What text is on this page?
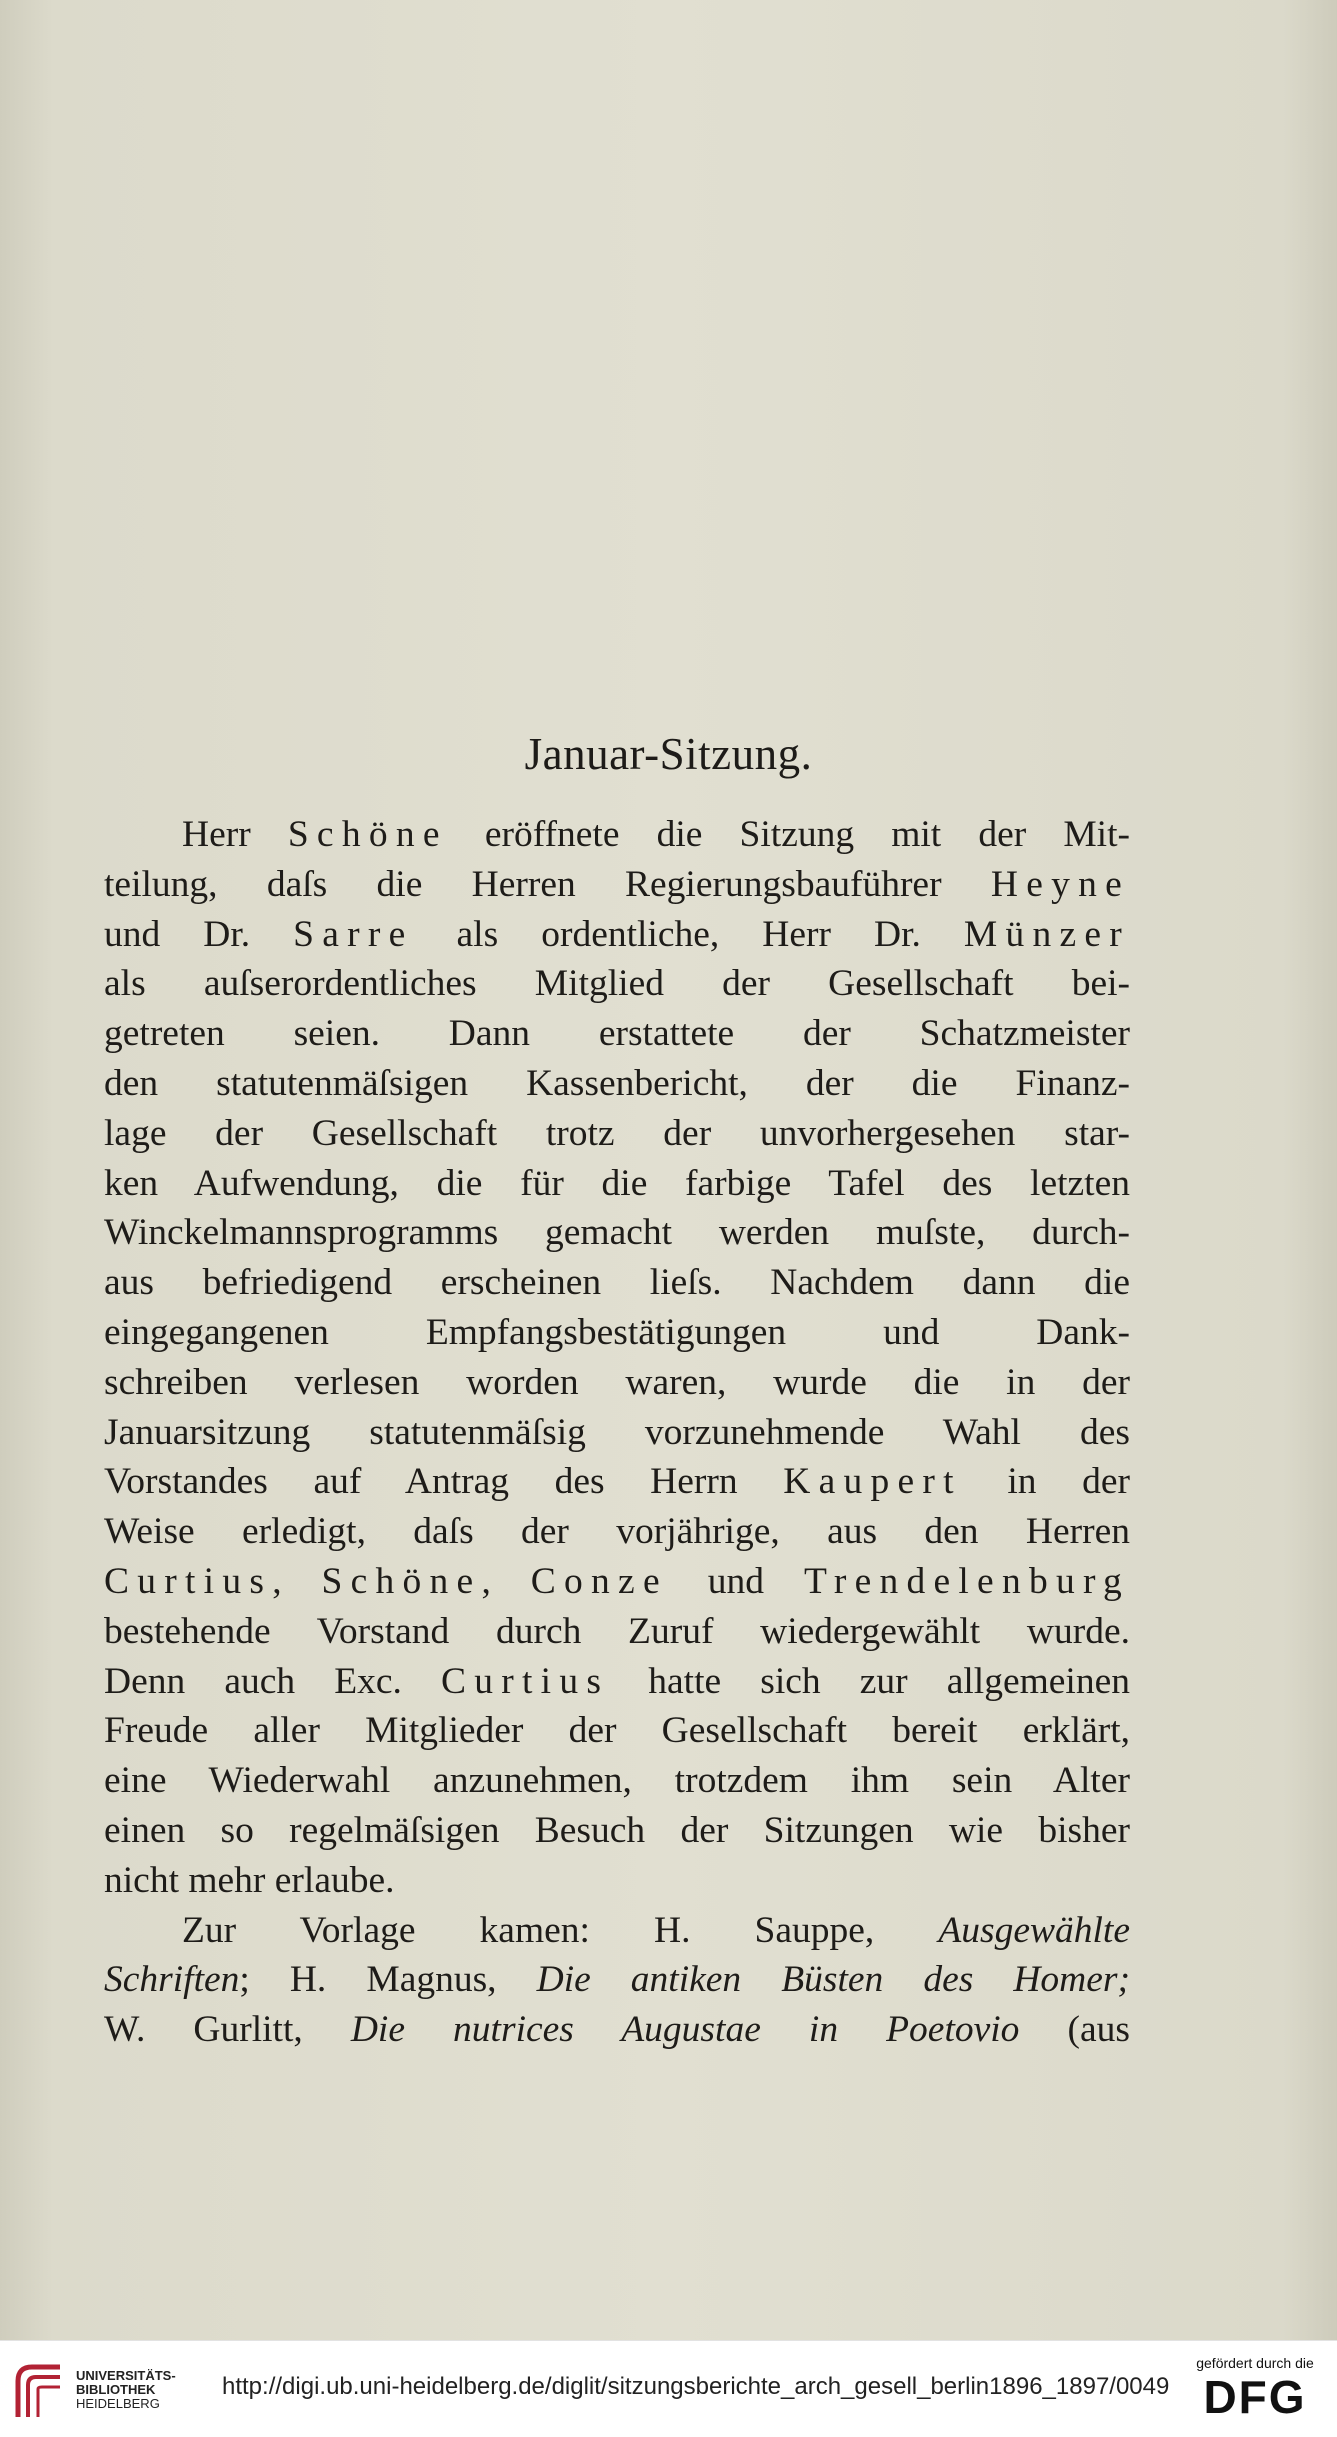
Januar-Sitzung.
Herr Schöne eröffnete die Sitzung mit der Mit-
teilung, daſs die Herren Regierungsbauführer Heyne
und Dr. Sarre als ordentliche, Herr Dr. Münzer
als auſserordentliches Mitglied der Gesellschaft bei-
getreten seien. Dann erstattete der Schatzmeister
den statutenmäſsigen Kassenbericht, der die Finanz-
lage der Gesellschaft trotz der unvorhergesehen star-
ken Aufwendung, die für die farbige Tafel des letzten
Winckelmannsprogramms gemacht werden muſste, durch-
aus befriedigend erscheinen lieſs. Nachdem dann die
eingegangenen Empfangsbestätigungen und Dank-
schreiben verlesen worden waren, wurde die in der
Januarsitzung statutenmäſsig vorzunehmende Wahl des
Vorstandes auf Antrag des Herrn Kaupert in der
Weise erledigt, daſs der vorjährige, aus den Herren
Curtius, Schöne, Conze und Trendelenburg
bestehende Vorstand durch Zuruf wiedergewählt wurde.
Denn auch Exc. Curtius hatte sich zur allgemeinen
Freude aller Mitglieder der Gesellschaft bereit erklärt,
eine Wiederwahl anzunehmen, trotzdem ihm sein Alter
einen so regelmäſsigen Besuch der Sitzungen wie bisher
nicht mehr erlaube.
Zur Vorlage kamen: H. Sauppe, Ausgewählte
Schriften; H. Magnus, Die antiken Büsten des Homer;
W. Gurlitt, Die nutrices Augustae in Poetovio (aus
UNIVERSITÄTS-
BIBLIOTHEK
HEIDELBERG
http://digi.ub.uni-heidelberg.de/diglit/sitzungsberichte_arch_gesell_berlin1896_1897/0049
gefördert durch die
DFG
